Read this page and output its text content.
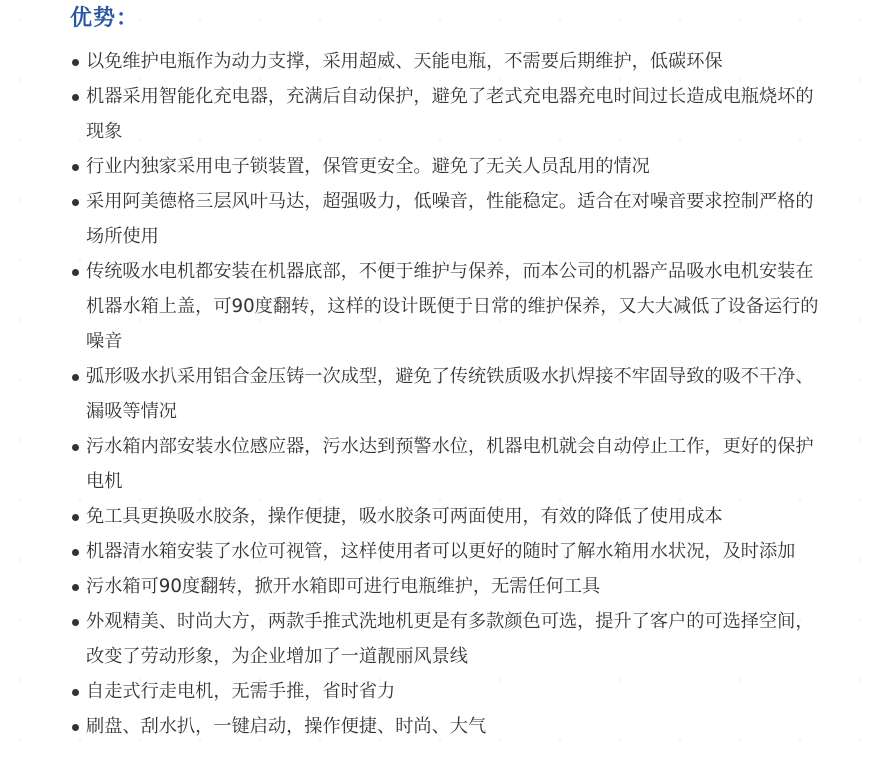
优势：
以免维护电瓶作为动力支撑，采用超威、天能电瓶，不需要后期维护，低碳环保
机器采用智能化充电器，充满后自动保护，避免了老式充电器充电时间过长造成电瓶烧坏的现象
行业内独家采用电子锁装置，保管更安全。避免了无关人员乱用的情况
采用阿美德格三层风叶马达，超强吸力，低噪音，性能稳定。适合在对噪音要求控制严格的场所使用
传统吸水电机都安装在机器底部，不便于维护与保养，而本公司的机器产品吸水电机安装在机器水箱上盖，可90度翻转，这样的设计既便于日常的维护保养，又大大减低了设备运行的噪音
弧形吸水扒采用铝合金压铸一次成型，避免了传统铁质吸水扒焊接不牢固导致的吸不干净、漏吸等情况
污水箱内部安装水位感应器，污水达到预警水位，机器电机就会自动停止工作，更好的保护电机
免工具更换吸水胶条，操作便捷，吸水胶条可两面使用，有效的降低了使用成本
机器清水箱安装了水位可视管，这样使用者可以更好的随时了解水箱用水状况，及时添加
污水箱可90度翻转，掀开水箱即可进行电瓶维护，无需任何工具
外观精美、时尚大方，两款手推式洗地机更是有多款颜色可选，提升了客户的可选择空间，改变了劳动形象，为企业增加了一道靓丽风景线
自走式行走电机，无需手推，省时省力
刷盘、刮水扒，一键启动，操作便捷、时尚、大气
